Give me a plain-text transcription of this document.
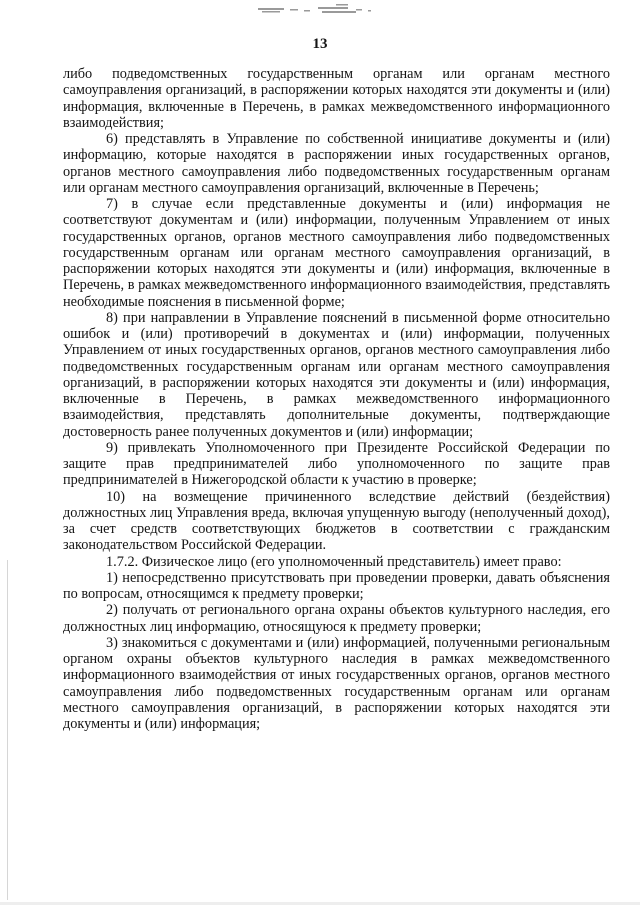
13

либо подведомственных государственным органам или органам местного самоуправления организаций, в распоряжении которых находятся эти документы и (или) информация, включенные в Перечень, в рамках межведомственного информационного взаимодействия;

6) представлять в Управление по собственной инициативе документы и (или) информацию, которые находятся в распоряжении иных государственных органов, органов местного самоуправления либо подведомственных государственным органам или органам местного самоуправления организаций, включенные в Перечень;

7) в случае если представленные документы и (или) информация не соответствуют документам и (или) информации, полученным Управлением от иных государственных органов, органов местного самоуправления либо подведомственных государственным органам или органам местного самоуправления организаций, в распоряжении которых находятся эти документы и (или) информация, включенные в Перечень, в рамках межведомственного информационного взаимодействия, представлять необходимые пояснения в письменной форме;

8) при направлении в Управление пояснений в письменной форме относительно ошибок и (или) противоречий в документах и (или) информации, полученных Управлением от иных государственных органов, органов местного самоуправления либо подведомственных государственным органам или органам местного самоуправления организаций, в распоряжении которых находятся эти документы и (или) информация, включенные в Перечень, в рамках межведомственного информационного взаимодействия, представлять дополнительные документы, подтверждающие достоверность ранее полученных документов и (или) информации;

9) привлекать Уполномоченного при Президенте Российской Федерации по защите прав предпринимателей либо уполномоченного по защите прав предпринимателей в Нижегородской области к участию в проверке;

10) на возмещение причиненного вследствие действий (бездействия) должностных лиц Управления вреда, включая упущенную выгоду (неполученный доход), за счет средств соответствующих бюджетов в соответствии с гражданским законодательством Российской Федерации.

1.7.2. Физическое лицо (его уполномоченный представитель) имеет право:

1) непосредственно присутствовать при проведении проверки, давать объяснения по вопросам, относящимся к предмету проверки;

2) получать от регионального органа охраны объектов культурного наследия, его должностных лиц информацию, относящуюся к предмету проверки;

3) знакомиться с документами и (или) информацией, полученными региональным органом охраны объектов культурного наследия в рамках межведомственного информационного взаимодействия от иных государственных органов, органов местного самоуправления либо подведомственных государственным органам или органам местного самоуправления организаций, в распоряжении которых находятся эти документы и (или) информация;
